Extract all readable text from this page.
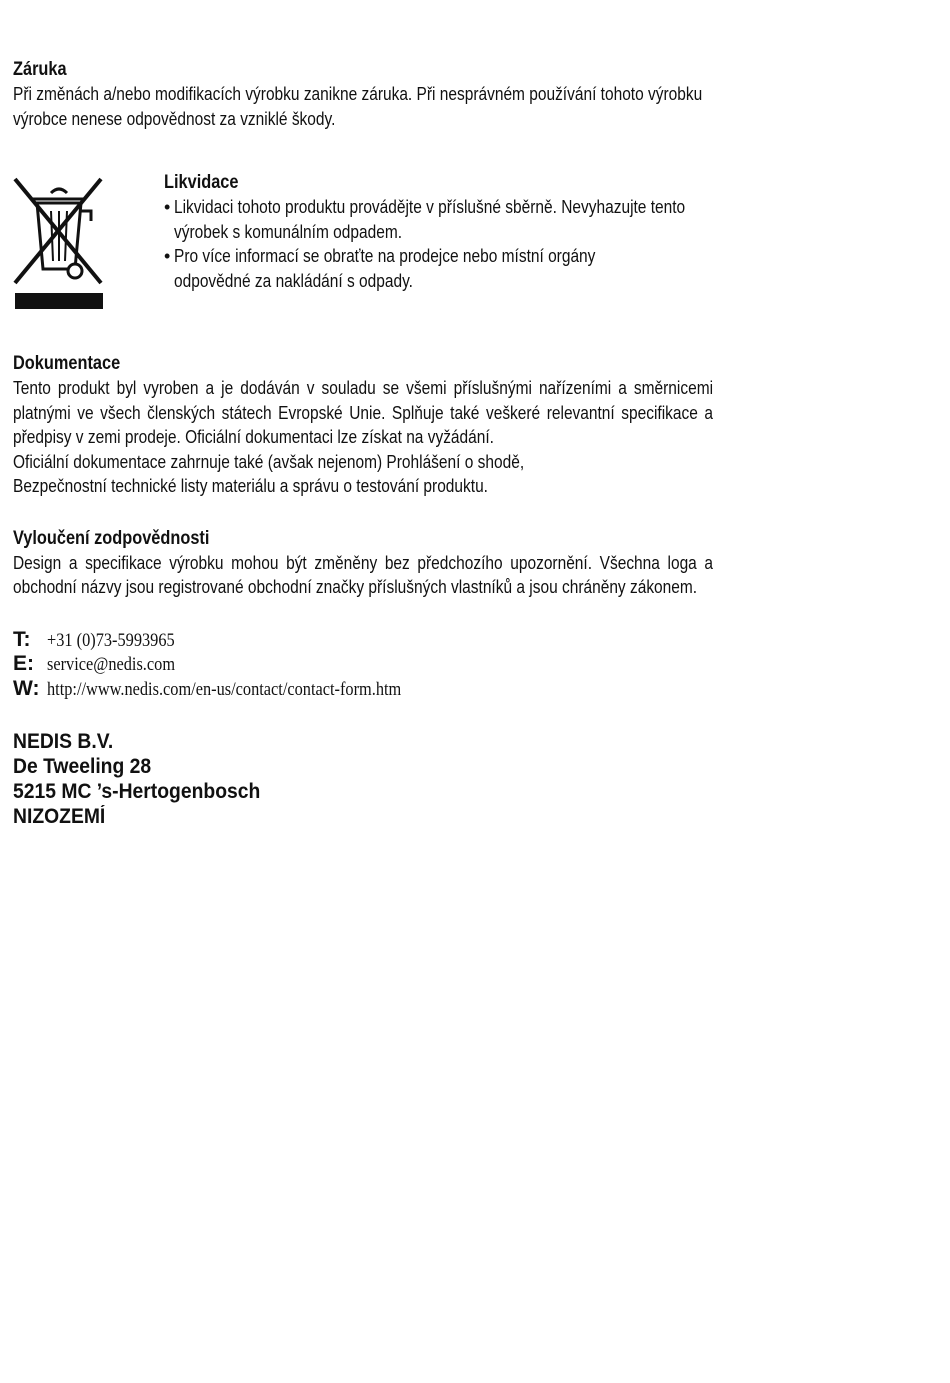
Záruka
Při změnách a/nebo modifikacích výrobku zanikne záruka. Při nesprávném používání tohoto výrobku výrobce nenese odpovědnost za vzniklé škody.
Likvidace
• Likvidaci tohoto produktu provádějte v příslušné sběrně. Nevyhazujte tento výrobek s komunálním odpadem.
• Pro více informací se obraťte na prodejce nebo místní orgány odpovědné za nakládání s odpady.
Dokumentace
Tento produkt byl vyroben a je dodáván v souladu se všemi příslušnými nařízeními a směrnicemi platnými ve všech členských státech Evropské Unie. Splňuje také veškeré relevantní specifikace a předpisy v zemi prodeje. Oficiální dokumentaci lze získat na vyžádání.
Oficiální dokumentace zahrnuje také (avšak nejenom) Prohlášení o shodě,
Bezpečnostní technické listy materiálu a správu o testování produktu.
Vyloučení zodpovědnosti
Design a specifikace výrobku mohou být změněny bez předchozího upozornění. Všechna loga a obchodní názvy jsou registrované obchodní značky příslušných vlastníků a jsou chráněny zákonem.
T: +31 (0)73-5993965
E: service@nedis.com
W: http://www.nedis.com/en-us/contact/contact-form.htm
NEDIS B.V.
De Tweeling 28
5215 MC ’s-Hertogenbosch
NIZOZEMÍ
